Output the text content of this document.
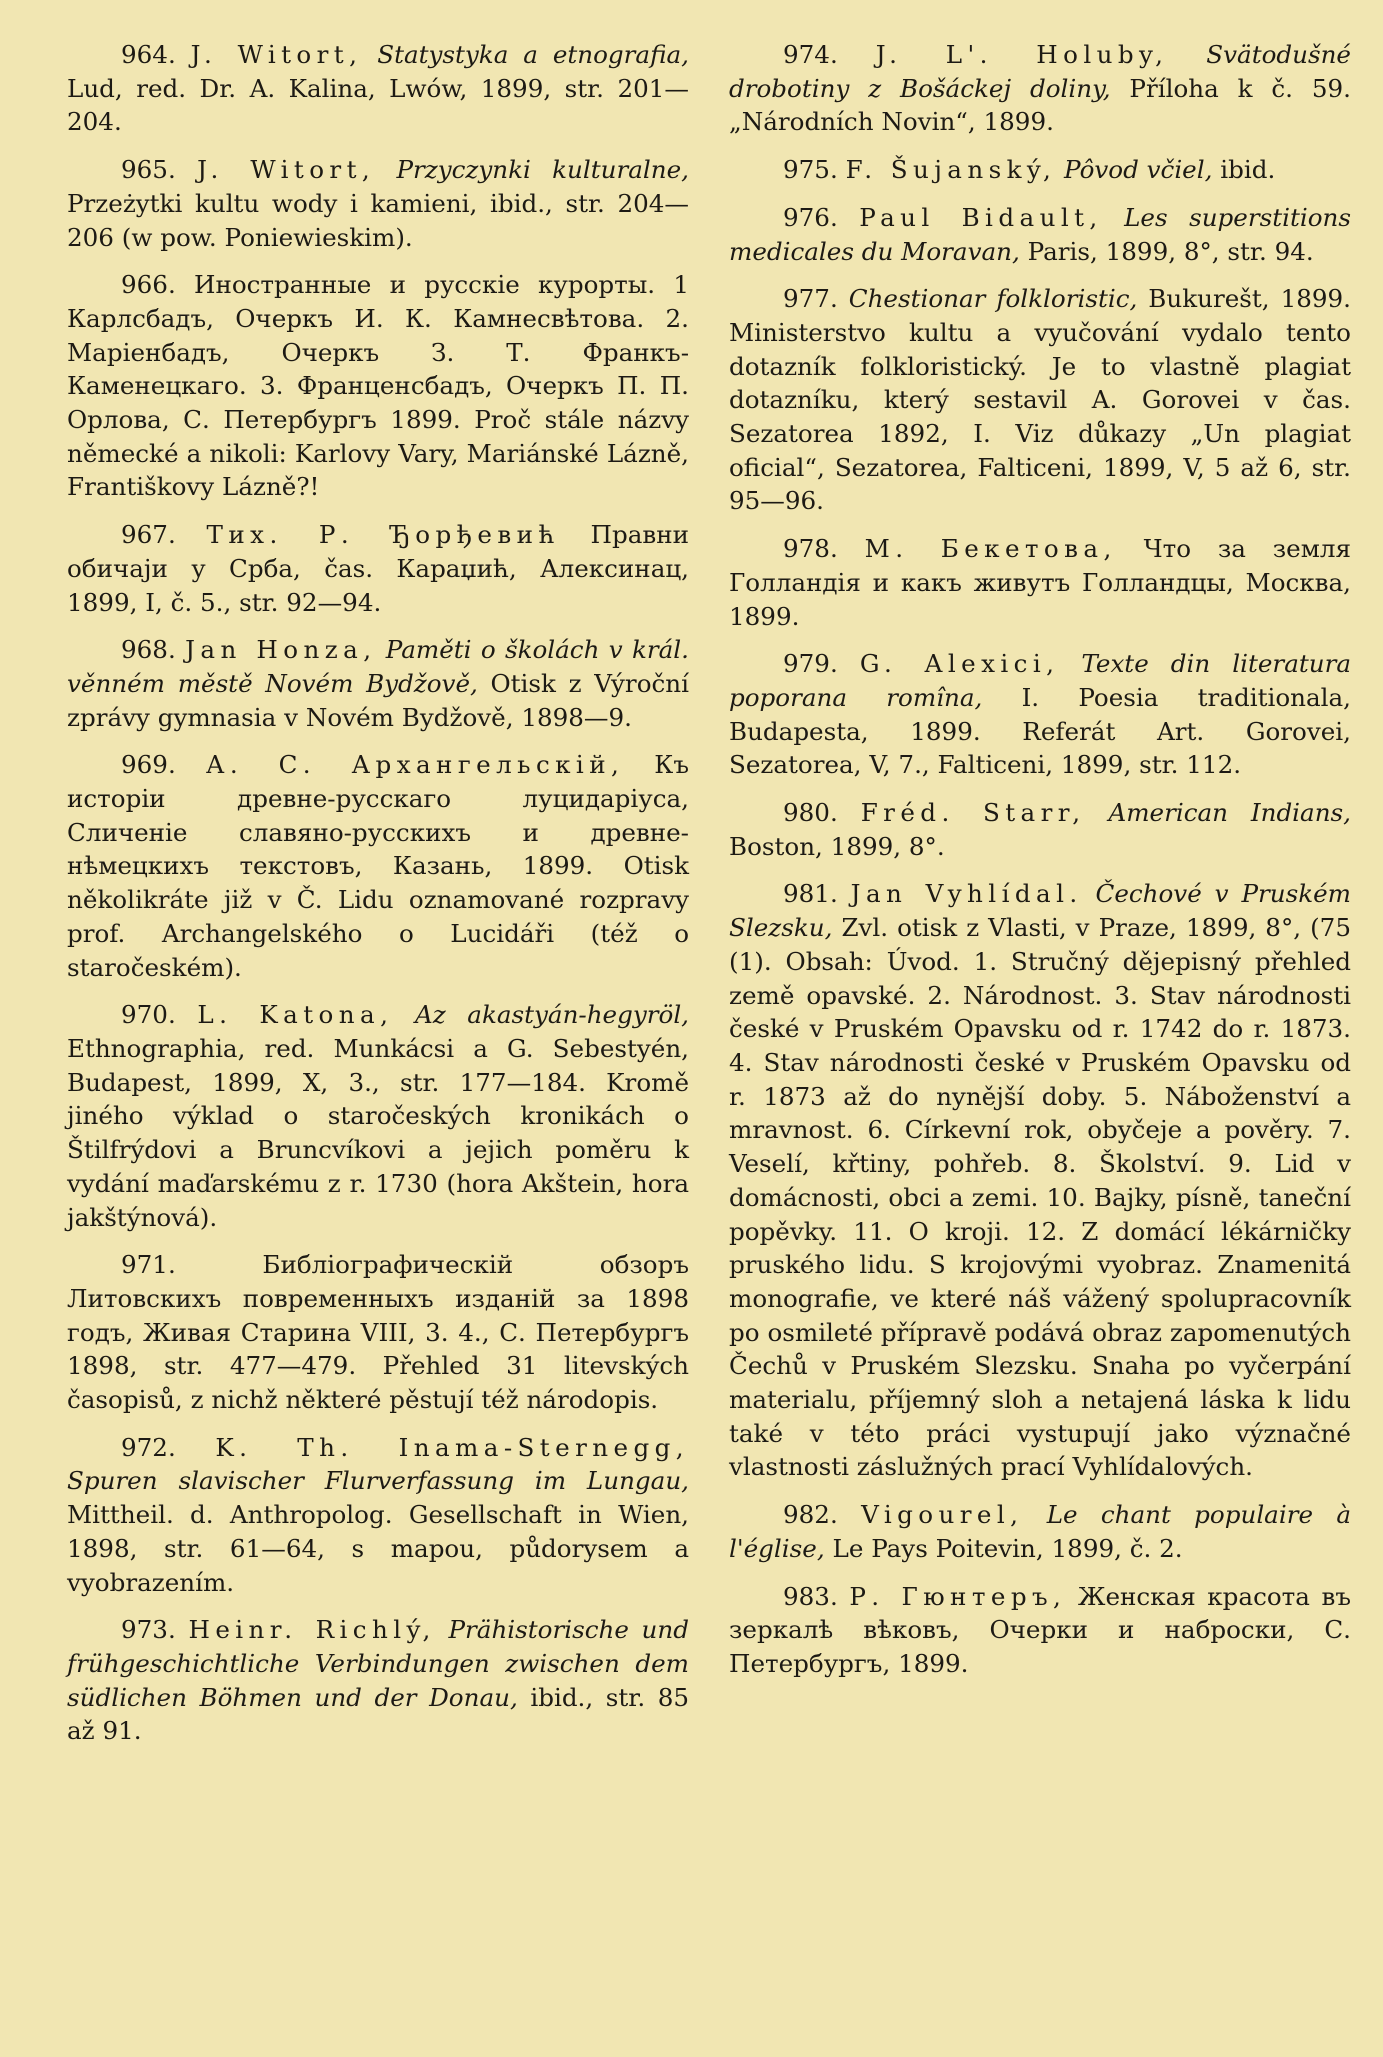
964. J. Witort, Statystyka a etnografia, Lud, red. Dr. A. Kalina, Lwów, 1899, str. 201—204.

965. J. Witort, Przyczynki kulturalne, Przeżytki kultu wody i kamieni, ibid., str. 204—206 (w pow. Poniewieskim).

966. Иностранные и русскіе курорты. 1 Карлсбадъ, Очеркъ И. К. Камнесвѣтова. 2. Маріенбадъ, Очеркъ З. Т. Франкъ-Каменецкаго. 3. Франценсбадъ, Очеркъ П. П. Орлова, С. Петербургъ 1899. Proč stále názvy německé a nikoli: Karlovy Vary, Mariánské Lázně, Františkovy Lázně?!

967. Тих. Р. Ђорђевић Правни обичаји у Срба, čas. Караџић, Алексинац, 1899, I, č. 5., str. 92—94.

968. Jan Honza, Paměti o školách v král. věnném městě Novém Bydžově, Otisk z Výroční zprávy gymnasia v Novém Bydžově, 1898—9.

969. А. С. Архангельскій, Къ исторіи древне-русскаго луцидаріуса, Сличеніе славяно-русскихъ и древне-нѣмецкихъ текстовъ, Казань, 1899. Otisk několikráte již v Č. Lidu oznamované rozpravy prof. Archangelského o Lucidáři (též o staročeském).

970. L. Katona, Az akastyán-hegyröl, Ethnographia, red. Munkácsi a G. Sebestyén, Budapest, 1899, X, 3., str. 177—184. Kromě jiného výklad o staročeských kronikách o Štilfrýdovi a Bruncvíkovi a jejich poměru k vydání maďarskému z r. 1730 (hora Akštein, hora jakštýnová).

971.	Библіографическій обзоръ Литовскихъ повременныхъ изданій за 1898 годъ, Живая Старина VIII, 3. 4., С. Петербургъ 1898, str. 477—479. Přehled 31 litevských časopisů, z nichž některé pěstují též národopis.

972. K. Th. Inama-Sternegg, Spuren slavischer Flurverfassung im Lungau, Mittheil. d. Anthropolog. Gesellschaft in Wien, 1898, str. 61—64, s mapou, půdorysem a vyobrazením.

973. Heinr. Richlý, Prähistorische und frühgeschichtliche Verbindungen zwischen dem südlichen Böhmen und der Donau, ibid., str. 85 až 91.

974. J. L'. Holuby, Svätodušné drobotiny z Bošáckej doliny, Příloha k č. 59. „Národních Novin“, 1899.

975. F. Šujanský, Pôvod včiel, ibid.

976. Paul Bidault, Les superstitions medicales du Moravan, Paris, 1899, 8°, str. 94.

977. Chestionar folkloristic, Bukurešt, 1899. Ministerstvo kultu a vyučování vydalo tento dotazník folkloristický. Je to vlastně plagiat dotazníku, který sestavil A. Gorovei v čas. Sezatorea 1892, I. Viz důkazy „Un plagiat oficial“, Sezatorea, Falticeni, 1899, V, 5 až 6, str. 95—96.

978. М. Бекетова, Что за земля Голландія и какъ живутъ Голландцы, Москва, 1899.

979. G. Alexici, Texte din literatura poporana romîna, I. Poesia traditionala, Budapesta, 1899. Referát Art. Gorovei, Sezatorea, V, 7., Falticeni, 1899, str. 112.

980. Fréd. Starr, American Indians, Boston, 1899, 8°.

981. Jan Vyhlídal. Čechové v Pruském Slezsku, Zvl. otisk z Vlasti, v Praze, 1899, 8°, (75 (1). Obsah: Úvod. 1. Stručný dějepisný přehled země opavské. 2. Národnost. 3. Stav národnosti české v Pruském Opavsku od r. 1742 do r. 1873. 4. Stav národnosti české v Pruském Opavsku od r. 1873 až do nynější doby. 5. Náboženství a mravnost. 6. Církevní rok, obyčeje a pověry. 7. Veselí, křtiny, pohřeb. 8. Školství. 9. Lid v domácnosti, obci a zemi. 10. Bajky, písně, taneční popěvky. 11. O kroji. 12. Z domácí lékárničky pruského lidu. S krojovými vyobraz. Znamenitá monografie, ve které náš vážený spolupracovník po osmileté přípravě podává obraz zapomenutých Čechů v Pruském Slezsku. Snaha po vyčerpání materialu, příjemný sloh a netajená láska k lidu také v této práci vystupují jako význačné vlastnosti záslužných prací Vyhlídalových.

982. Vigourel, Le chant populaire à l'église, Le Pays Poitevin, 1899, č. 2.

983. Р. Гюнтеръ, Женская красота въ зеркалѣ вѣковъ, Очерки и наброски, С. Петербургъ, 1899.
